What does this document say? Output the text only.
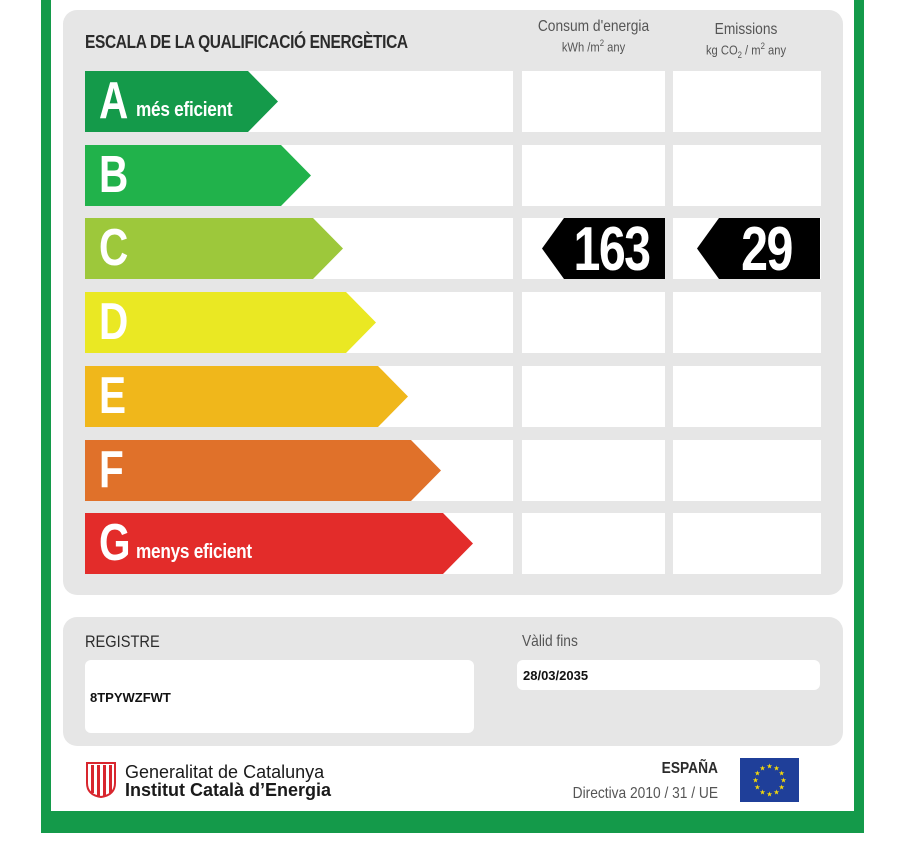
ESCALA DE LA QUALIFICACIÓ ENERGÈTICA
Consum d'energia
kWh $/m^2$ any
Emissions
kg $CO_2 / m^2$ any
A més eficient
B
C	163 29
D
E
F
G menys eficient
REGISTRE
8TPYWZFWT
Vàlid fins
28/03/2035
Generalitat de Catalunya
Institut Català d’Energia
ESPAÑA
Directiva 2010 / 31 / UE
★ ★
★
★
★
★
★
★
★
★
★
★
